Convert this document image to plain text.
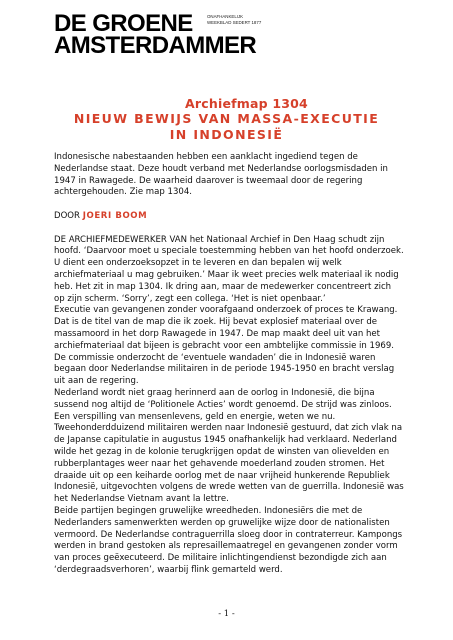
DE GROENE
AMSTERDAMMER
ONAFHANKELIJK
WEEKBLAD SEDERT 1877
Archiefmap 1304
NIEUW BEWIJS VAN MASSA-EXECUTIE
IN INDONESIË

Indonesische nabestaanden hebben een aanklacht ingediend tegen de Nederlandse staat. Deze houdt verband met Nederlandse oorlogsmisdaden in 1947 in Rawagede. De waarheid daarover is tweemaal door de regering achtergehouden. Zie map 1304.

DOOR JOERI BOOM

DE ARCHIEFMEDEWERKER VAN het Nationaal Archief in Den Haag schudt zijn hoofd. ‘Daarvoor moet u speciale toestemming hebben van het hoofd onderzoek. U dient een onderzoeksopzet in te leveren en dan bepalen wij welk archiefmateriaal u mag gebruiken.’ Maar ik weet precies welk materiaal ik nodig heb. Het zit in map 1304. Ik dring aan, maar de medewerker concentreert zich op zijn scherm. ‘Sorry’, zegt een collega. ‘Het is niet openbaar.’

Executie van gevangenen zonder voorafgaand onderzoek of proces te Krawang. Dat is de titel van de map die ik zoek. Hij bevat explosief materiaal over de massamoord in het dorp Rawagede in 1947. De map maakt deel uit van het archiefmateriaal dat bijeen is gebracht voor een ambtelijke commissie in 1969. De commissie onderzocht de ‘eventuele wandaden’ die in Indonesië waren begaan door Nederlandse militairen in de periode 1945-1950 en bracht verslag uit aan de regering.

Nederland wordt niet graag herinnerd aan de oorlog in Indonesië, die bijna sussend nog altijd de ‘Politionele Acties’ wordt genoemd. De strijd was zinloos. Een verspilling van mensenlevens, geld en energie, weten we nu. Tweehonderdduizend militairen werden naar Indonesië gestuurd, dat zich vlak na de Japanse capitulatie in augustus 1945 onafhankelijk had verklaard. Nederland wilde het gezag in de kolonie terugkrijgen opdat de winsten van olievelden en rubberplantages weer naar het gehavende moederland zouden stromen. Het draaide uit op een keiharde oorlog met de naar vrijheid hunkerende Republiek Indonesië, uitgevochten volgens de wrede wetten van de guerrilla. Indonesië was het Nederlandse Vietnam avant la lettre.

Beide partijen begingen gruwelijke wreedheden. Indonesiërs die met de Nederlanders samenwerkten werden op gruwelijke wijze door de nationalisten vermoord. De Nederlandse contraguerrilla sloeg door in contraterreur. Kampongs werden in brand gestoken als represaillemaatregel en gevangenen zonder vorm van proces geëxecuteerd. De militaire inlichtingendienst bezondigde zich aan ‘derdegraadsverhoren’, waarbij flink gemarteld werd.

- 1 -
